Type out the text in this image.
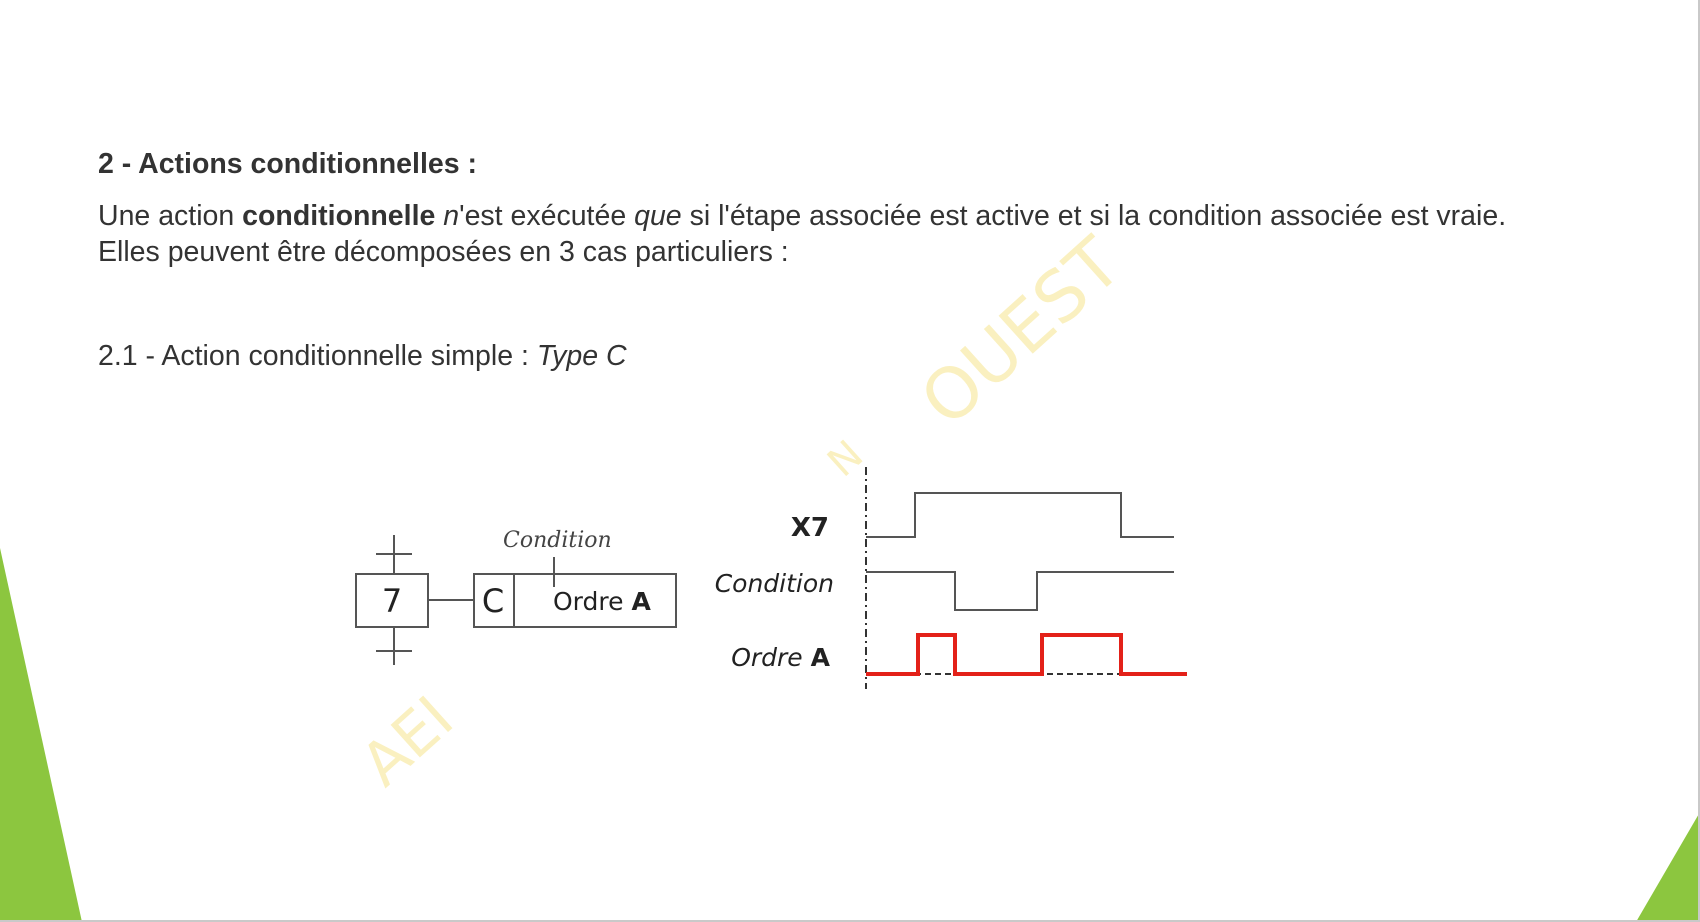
AEI
OUEST
N
2 - Actions conditionnelles :
Une action conditionnelle n'est exécutée que si l'étape associée est active et si la condition associée est vraie.
Elles peuvent être décomposées en 3 cas particuliers :
2.1 - Action conditionnelle simple : Type C
7 C Ordre A
Condition	X7
Condition
Ordre A
